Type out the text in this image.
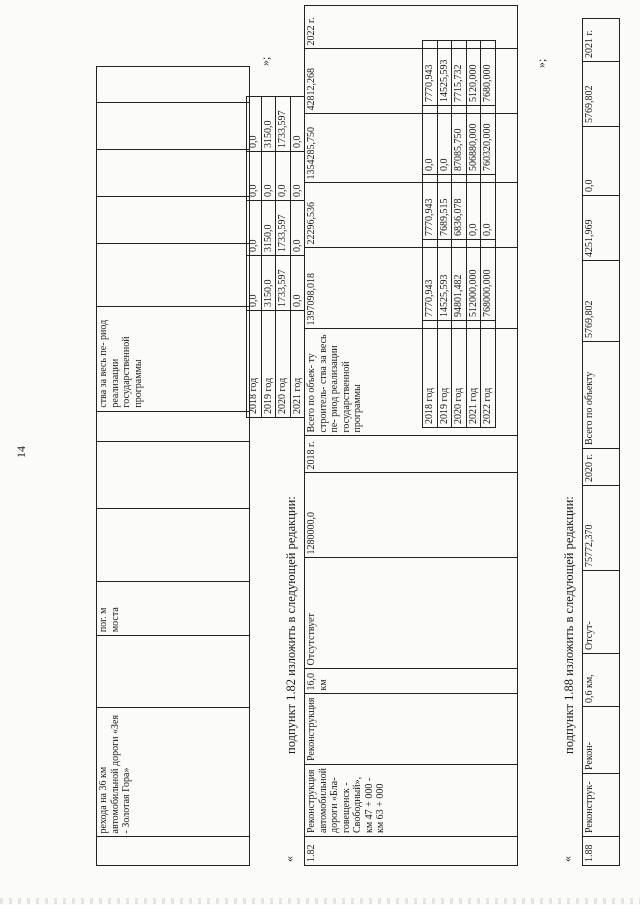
	рехода на 36 км автомобильной дороги «Зея - Золотая Гора»		пог. м моста				ства за весь пе- риод реализации государственной программы						2018 год	0,0	0,0	0,0	0,0
2019 год	3150,0	3150,0	0,0	3150,0
2020 год	1733,597	1733,597	0,0	1733,597
2021 год	0,0	0,0	0,0	0,0
»;
«
подпункт 1.82 изложить в следующей редакции:
1.82	Реконструкция автомобильной дороги «Бла- говещенск - Свободный», км 47 + 000 - км 63 + 000	Реконструкция	16,0 км	Отсутствует	1280000,0	2018 г.	Всего по объек- ту строитель- ства за весь пе- риод реализации государственной программы	1397098,018	22296,536	1354285,750	42812,268	2022 г.
2018 год	7770,943	7770,943	0,0	7770,943
2019 год	14525,593	7689,515	0,0	14525,593
2020 год	94801,482	6836,078	87085,750	7715,732
2021 год	512000,000	0,0	506880,000	5120,000
2022 год	768000,000	0,0	760320,000	7680,000
»;
«
подпункт 1.88 изложить в следующей редакции:
1.88	Реконструк-	Рекон-	0,6 км,	Отсут-	75772,370	2020 г.	Всего по объекту	5769,802	4251,969	0,0	5769,802	2021 г.
14
